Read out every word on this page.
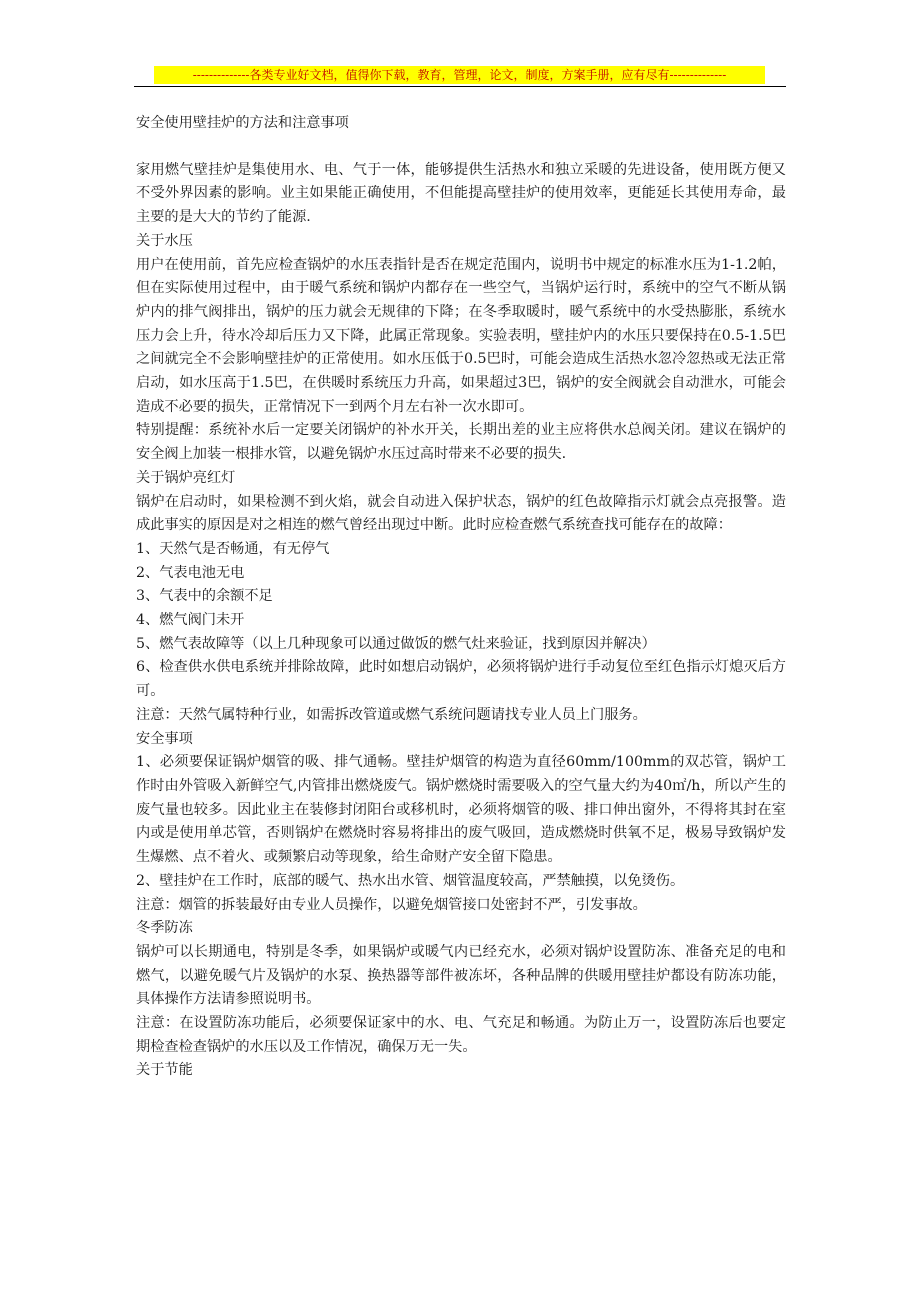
--------------各类专业好文档，值得你下载，教育，管理，论文，制度，方案手册，应有尽有--------------

安全使用壁挂炉的方法和注意事项

家用燃气壁挂炉是集使用水、电、气于一体，能够提供生活热水和独立采暖的先进设备，使用既方便又不受外界因素的影响。业主如果能正确使用，不但能提高壁挂炉的使用效率，更能延长其使用寿命，最主要的是大大的节约了能源.

关于水压

用户在使用前，首先应检查锅炉的水压表指针是否在规定范围内，说明书中规定的标准水压为1-1.2帕，但在实际使用过程中，由于暖气系统和锅炉内都存在一些空气，当锅炉运行时，系统中的空气不断从锅炉内的排气阀排出，锅炉的压力就会无规律的下降；在冬季取暖时，暖气系统中的水受热膨胀，系统水压力会上升，待水冷却后压力又下降，此属正常现象。实验表明，壁挂炉内的水压只要保持在0.5-1.5巴之间就完全不会影响壁挂炉的正常使用。如水压低于0.5巴时，可能会造成生活热水忽冷忽热或无法正常启动，如水压高于1.5巴，在供暖时系统压力升高，如果超过3巴，锅炉的安全阀就会自动泄水，可能会造成不必要的损失，正常情况下一到两个月左右补一次水即可。

特别提醒：系统补水后一定要关闭锅炉的补水开关，长期出差的业主应将供水总阀关闭。建议在锅炉的安全阀上加装一根排水管，以避免锅炉水压过高时带来不必要的损失.

关于锅炉亮红灯

锅炉在启动时，如果检测不到火焰，就会自动进入保护状态，锅炉的红色故障指示灯就会点亮报警。造成此事实的原因是对之相连的燃气曾经出现过中断。此时应检查燃气系统查找可能存在的故障：

1、天然气是否畅通，有无停气

2、气表电池无电

3、气表中的余额不足

4、燃气阀门未开

5、燃气表故障等（以上几种现象可以通过做饭的燃气灶来验证，找到原因并解决）

6、检查供水供电系统并排除故障，此时如想启动锅炉，必须将锅炉进行手动复位至红色指示灯熄灭后方可。

注意：天然气属特种行业，如需拆改管道或燃气系统问题请找专业人员上门服务。

安全事项

1、必须要保证锅炉烟管的吸、排气通畅。壁挂炉烟管的构造为直径60mm/100mm的双芯管，锅炉工作时由外管吸入新鲜空气,内管排出燃烧废气。锅炉燃烧时需要吸入的空气量大约为40㎡/h，所以产生的废气量也较多。因此业主在装修封闭阳台或移机时，必须将烟管的吸、排口伸出窗外，不得将其封在室内或是使用单芯管，否则锅炉在燃烧时容易将排出的废气吸回，造成燃烧时供氧不足，极易导致锅炉发生爆燃、点不着火、或频繁启动等现象，给生命财产安全留下隐患。

2、壁挂炉在工作时，底部的暖气、热水出水管、烟管温度较高，严禁触摸，以免烫伤。

注意：烟管的拆装最好由专业人员操作，以避免烟管接口处密封不严，引发事故。

冬季防冻

锅炉可以长期通电，特别是冬季，如果锅炉或暖气内已经充水，必须对锅炉设置防冻、准备充足的电和燃气，以避免暖气片及锅炉的水泵、换热器等部件被冻坏，各种品牌的供暖用壁挂炉都设有防冻功能，具体操作方法请参照说明书。

注意：在设置防冻功能后，必须要保证家中的水、电、气充足和畅通。为防止万一，设置防冻后也要定期检查检查锅炉的水压以及工作情况，确保万无一失。

关于节能
